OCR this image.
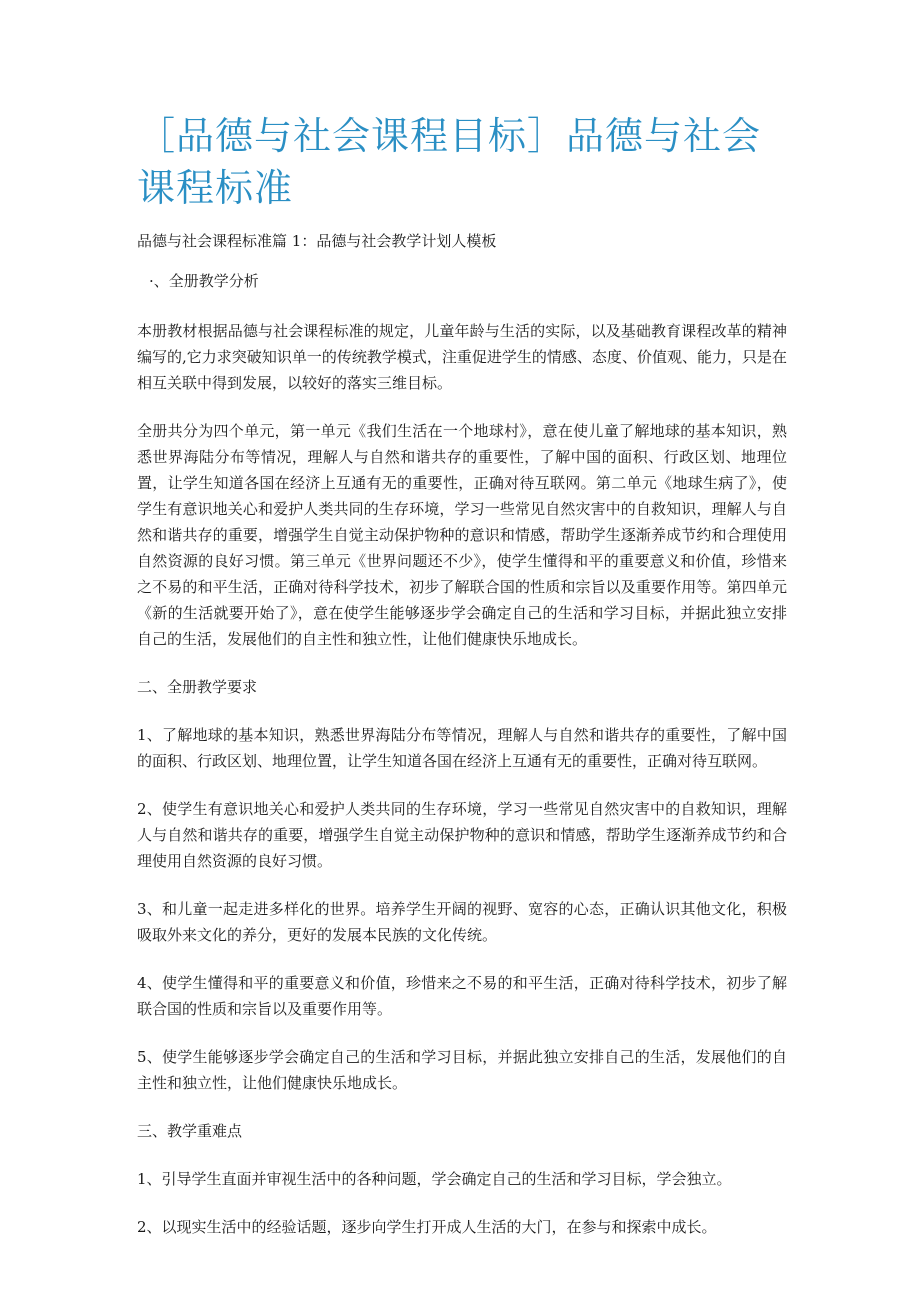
［品德与社会课程目标］品德与社会课程标准

品德与社会课程标准篇 1：品德与社会教学计划人模板

·、全册教学分析

本册教材根据品德与社会课程标准的规定，儿童年龄与生活的实际，以及基础教育课程改革的精神编写的,它力求突破知识单一的传统教学模式，注重促进学生的情感、态度、价值观、能力，只是在相互关联中得到发展，以较好的落实三维目标。

全册共分为四个单元，第一单元《我们生活在一个地球村》，意在使儿童了解地球的基本知识，熟悉世界海陆分布等情况，理解人与自然和谐共存的重要性，了解中国的面积、行政区划、地理位置，让学生知道各国在经济上互通有无的重要性，正确对待互联网。第二单元《地球生病了》，使学生有意识地关心和爱护人类共同的生存环境，学习一些常见自然灾害中的自救知识，理解人与自然和谐共存的重要，增强学生自觉主动保护物种的意识和情感，帮助学生逐渐养成节约和合理使用自然资源的良好习惯。第三单元《世界问题还不少》，使学生懂得和平的重要意义和价值，珍惜来之不易的和平生活，正确对待科学技术，初步了解联合国的性质和宗旨以及重要作用等。第四单元《新的生活就要开始了》，意在使学生能够逐步学会确定自己的生活和学习目标，并据此独立安排自己的生活，发展他们的自主性和独立性，让他们健康快乐地成长。

二、全册教学要求

1、了解地球的基本知识，熟悉世界海陆分布等情况，理解人与自然和谐共存的重要性，了解中国的面积、行政区划、地理位置，让学生知道各国在经济上互通有无的重要性，正确对待互联网。

2、使学生有意识地关心和爱护人类共同的生存环境，学习一些常见自然灾害中的自救知识，理解人与自然和谐共存的重要，增强学生自觉主动保护物种的意识和情感，帮助学生逐渐养成节约和合理使用自然资源的良好习惯。

3、和儿童一起走进多样化的世界。培养学生开阔的视野、宽容的心态，正确认识其他文化，积极吸取外来文化的养分，更好的发展本民族的文化传统。

4、使学生懂得和平的重要意义和价值，珍惜来之不易的和平生活，正确对待科学技术，初步了解联合国的性质和宗旨以及重要作用等。

5、使学生能够逐步学会确定自己的生活和学习目标，并据此独立安排自己的生活，发展他们的自主性和独立性，让他们健康快乐地成长。

三、教学重难点

1、引导学生直面并审视生活中的各种问题，学会确定自己的生活和学习目标，学会独立。

2、以现实生活中的经验话题，逐步向学生打开成人生活的大门，在参与和探索中成长。
